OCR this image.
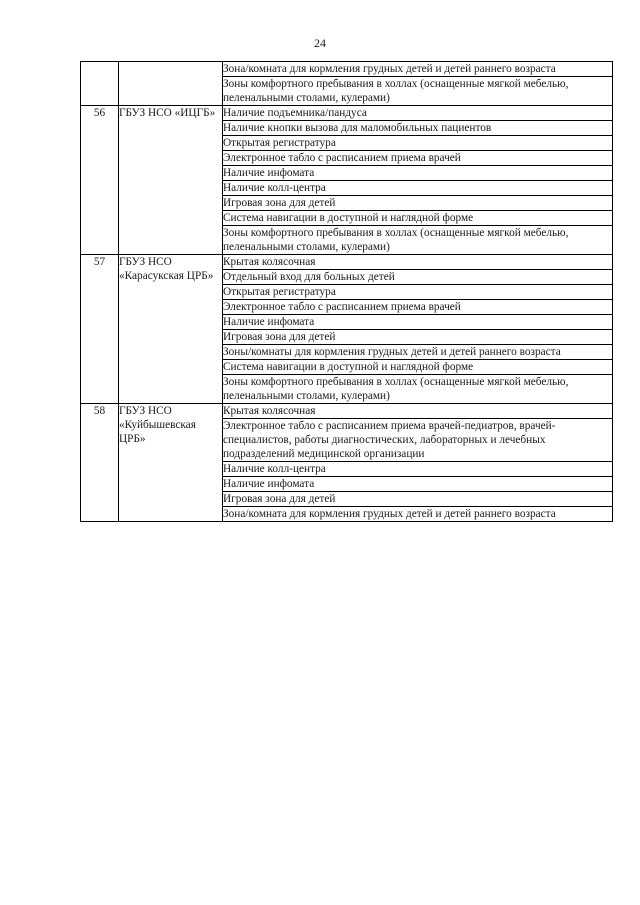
24

		Зона/комната для кормления грудных детей и детей раннего возраста

		Зоны комфортного пребывания в холлах (оснащенные мягкой мебелью, пеленальными столами, кулерами)

56	ГБУЗ НСО «ИЦГБ»	Наличие подъемника/пандуса

		Наличие кнопки вызова для маломобильных пациентов

		Открытая регистратура

		Электронное табло с расписанием приема врачей

		Наличие инфомата

		Наличие колл-центра

		Игровая зона для детей

		Система навигации в доступной и наглядной форме

		Зоны комфортного пребывания в холлах (оснащенные мягкой мебелью, пеленальными столами, кулерами)

57	ГБУЗ НСО «Карасукская ЦРБ»	Крытая колясочная

		Отдельный вход для больных детей

		Открытая регистратура

		Электронное табло с расписанием приема врачей

		Наличие инфомата

		Игровая зона для детей

		Зоны/комнаты для кормления грудных детей и детей раннего возраста

		Система навигации в доступной и наглядной форме

		Зоны комфортного пребывания в холлах (оснащенные мягкой мебелью, пеленальными столами, кулерами)

58	ГБУЗ НСО «Куйбышевская ЦРБ»	Крытая колясочная

		Электронное табло с расписанием приема врачей-педиатров, врачей-специалистов, работы диагностических, лабораторных и лечебных подразделений медицинской организации

		Наличие колл-центра

		Наличие инфомата

		Игровая зона для детей

		Зона/комната для кормления грудных детей и детей раннего возраста
